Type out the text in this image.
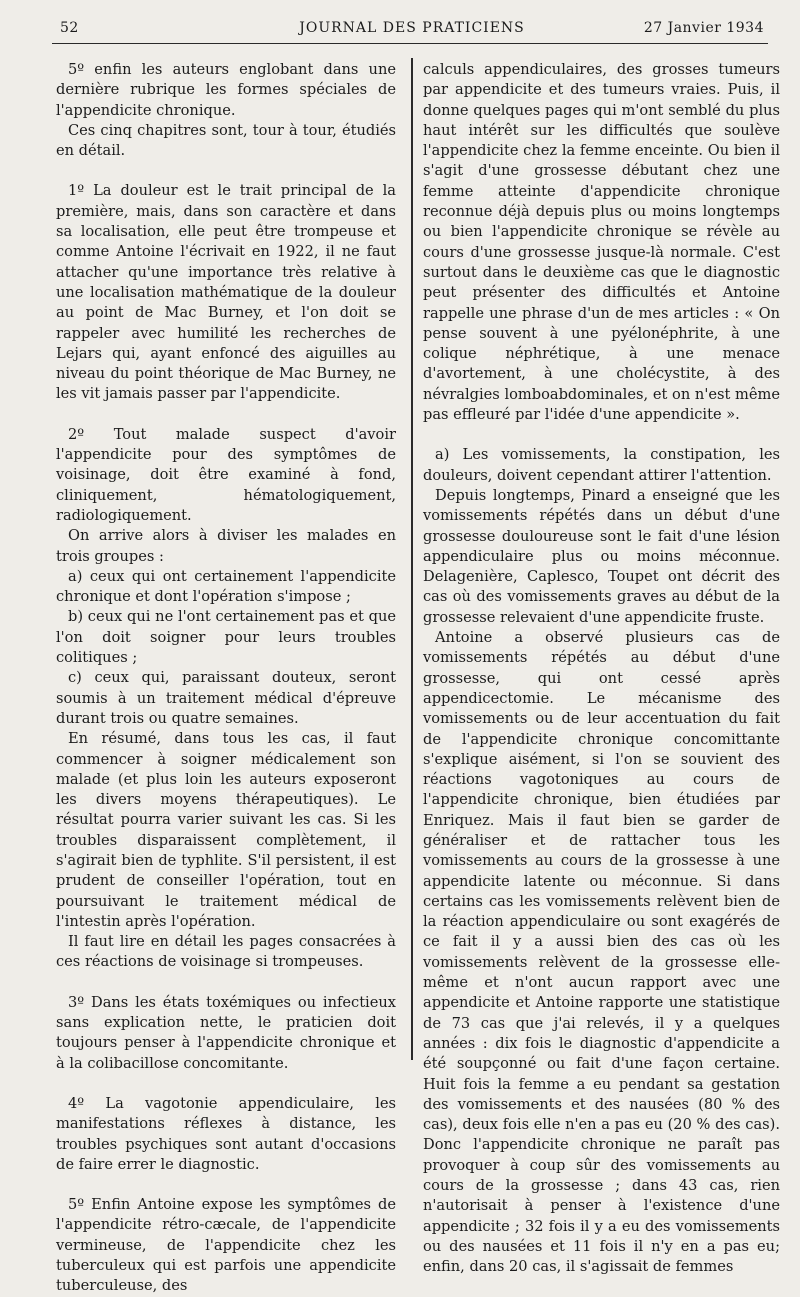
52	JOURNAL DES PRATICIENS	27 Janvier 1934

5º enfin les auteurs englobant dans une dernière rubrique les formes spéciales de l'appendicite chronique.

Ces cinq chapitres sont, tour à tour, étudiés en détail.

1º La douleur est le trait principal de la première, mais, dans son caractère et dans sa localisation, elle peut être trompeuse et comme Antoine l'écrivait en 1922, il ne faut attacher qu'une importance très relative à une localisation mathématique de la douleur au point de Mac Burney, et l'on doit se rappeler avec humilité les recherches de Lejars qui, ayant enfoncé des aiguilles au niveau du point théorique de Mac Burney, ne les vit jamais passer par l'appendicite.

2º Tout malade suspect d'avoir l'appendicite pour des symptômes de voisinage, doit être examiné à fond, cliniquement, hématologiquement, radiologiquement.

On arrive alors à diviser les malades en trois groupes :

a) ceux qui ont certainement l'appendicite chronique et dont l'opération s'impose ;

b) ceux qui ne l'ont certainement pas et que l'on doit soigner pour leurs troubles colitiques ;

c) ceux qui, paraissant douteux, seront soumis à un traitement médical d'épreuve durant trois ou quatre semaines.

En résumé, dans tous les cas, il faut commencer à soigner médicalement son malade (et plus loin les auteurs exposeront les divers moyens thérapeutiques). Le résultat pourra varier suivant les cas. Si les troubles disparaissent complètement, il s'agirait bien de typhlite. S'il persistent, il est prudent de conseiller l'opération, tout en poursuivant le traitement médical de l'intestin après l'opération.

Il faut lire en détail les pages consacrées à ces réactions de voisinage si trompeuses.

3º Dans les états toxémiques ou infectieux sans explication nette, le praticien doit toujours penser à l'appendicite chronique et à la colibacillose concomitante.

4º La vagotonie appendiculaire, les manifestations réflexes à distance, les troubles psychiques sont autant d'occasions de faire errer le diagnostic.

5º Enfin Antoine expose les symptômes de l'appendicite rétro-cæcale, de l'appendicite vermineuse, de l'appendicite chez les tuberculeux qui est parfois une appendicite tuberculeuse, des

calculs appendiculaires, des grosses tumeurs par appendicite et des tumeurs vraies. Puis, il donne quelques pages qui m'ont semblé du plus haut intérêt sur les difficultés que soulève l'appendicite chez la femme enceinte. Ou bien il s'agit d'une grossesse débutant chez une femme atteinte d'appendicite chronique reconnue déjà depuis plus ou moins longtemps ou bien l'appendicite chronique se révèle au cours d'une grossesse jusque-là normale. C'est surtout dans le deuxième cas que le diagnostic peut présenter des difficultés et Antoine rappelle une phrase d'un de mes articles : « On pense souvent à une pyélonéphrite, à une colique néphrétique, à une menace d'avortement, à une cholécystite, à des névralgies lomboabdominales, et on n'est même pas effleuré par l'idée d'une appendicite ».

a) Les vomissements, la constipation, les douleurs, doivent cependant attirer l'attention.

Depuis longtemps, Pinard a enseigné que les vomissements répétés dans un début d'une grossesse douloureuse sont le fait d'une lésion appendiculaire plus ou moins méconnue. Delagenière, Caplesco, Toupet ont décrit des cas où des vomissements graves au début de la grossesse relevaient d'une appendicite fruste.

Antoine a observé plusieurs cas de vomissements répétés au début d'une grossesse, qui ont cessé après appendicectomie. Le mécanisme des vomissements ou de leur accentuation du fait de l'appendicite chronique concomittante s'explique aisément, si l'on se souvient des réactions vagotoniques au cours de l'appendicite chronique, bien étudiées par Enriquez. Mais il faut bien se garder de généraliser et de rattacher tous les vomissements au cours de la grossesse à une appendicite latente ou méconnue. Si dans certains cas les vomissements relèvent bien de la réaction appendiculaire ou sont exagérés de ce fait il y a aussi bien des cas où les vomissements relèvent de la grossesse elle-même et n'ont aucun rapport avec une appendicite et Antoine rapporte une statistique de 73 cas que j'ai relevés, il y a quelques années : dix fois le diagnostic d'appendicite a été soupçonné ou fait d'une façon certaine. Huit fois la femme a eu pendant sa gestation des vomissements et des nausées (80 % des cas), deux fois elle n'en a pas eu (20 % des cas). Donc l'appendicite chronique ne paraît pas provoquer à coup sûr des vomissements au cours de la grossesse ; dans 43 cas, rien n'autorisait à penser à l'existence d'une appendicite ; 32 fois il y a eu des vomissements ou des nausées et 11 fois il n'y en a pas eu; enfin, dans 20 cas, il s'agissait de femmes
